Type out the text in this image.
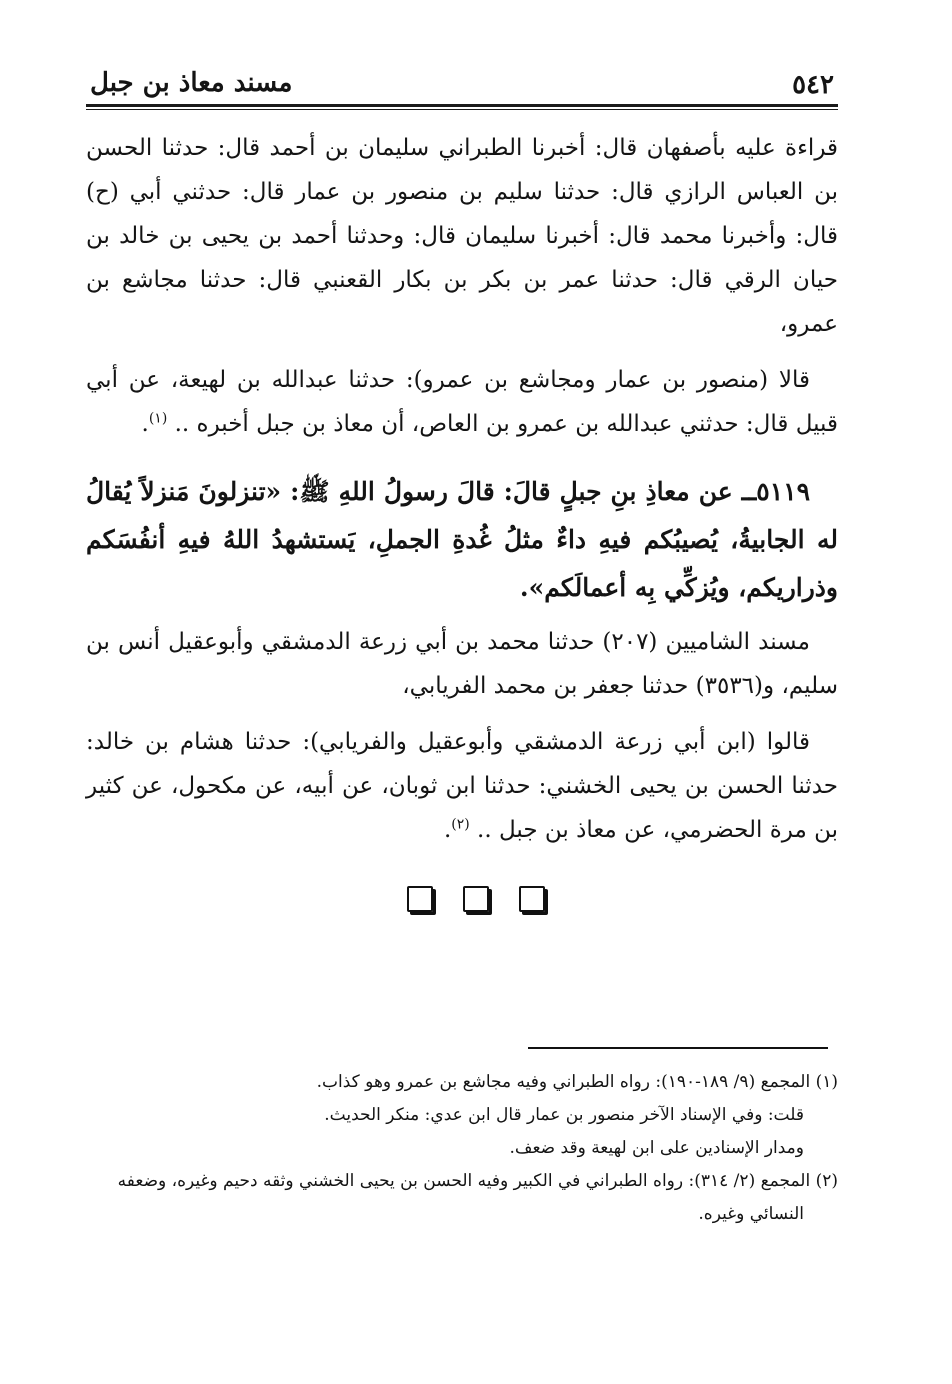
٥٤٢
مسند معاذ بن جبل

قراءة عليه بأصفهان قال: أخبرنا الطبراني سليمان بن أحمد قال: حدثنا الحسن بن العباس الرازي قال: حدثنا سليم بن منصور بن عمار قال: حدثني أبي (ح) قال: وأخبرنا محمد قال: أخبرنا سليمان قال: وحدثنا أحمد بن يحيى بن خالد بن حيان الرقي قال: حدثنا عمر بن بكر بن بكار القعنبي قال: حدثنا مجاشع بن عمرو،

قالا (منصور بن عمار ومجاشع بن عمرو): حدثنا عبدالله بن لهيعة، عن أبي قبيل قال: حدثني عبدالله بن عمرو بن العاص، أن معاذ بن جبل أخبره .. $^{(١)}$.

٥١١٩ــ عن معاذِ بنِ جبلٍ قالَ: قالَ رسولُ اللهِ ﷺ: «تنزلونَ مَنزلاً يُقالُ له الجابيةُ، يُصيبُكم فيهِ داءٌ مثلُ غُدةِ الجملِ، يَستشهدُ اللهُ فيهِ أنفُسَكم وذراريكم، ويُزكِّي بِه أعمالَكم».

مسند الشاميين (٢٠٧) حدثنا محمد بن أبي زرعة الدمشقي وأبوعقيل أنس بن سليم، و(٣٥٣٦) حدثنا جعفر بن محمد الفريابي،

قالوا (ابن أبي زرعة الدمشقي وأبوعقيل والفريابي): حدثنا هشام بن خالد: حدثنا الحسن بن يحيى الخشني: حدثنا ابن ثوبان، عن أبيه، عن مكحول، عن كثير بن مرة الحضرمي، عن معاذ بن جبل .. $^{(٢)}$.

(١) المجمع (٩/ ١٨٩-١٩٠): رواه الطبراني وفيه مجاشع بن عمرو وهو كذاب.

قلت: وفي الإسناد الآخر منصور بن عمار قال ابن عدي: منكر الحديث.

ومدار الإسنادين على ابن لهيعة وقد ضعف.

(٢) المجمع (٢/ ٣١٤): رواه الطبراني في الكبير وفيه الحسن بن يحيى الخشني وثقه دحيم وغيره، وضعفه النسائي وغيره.
